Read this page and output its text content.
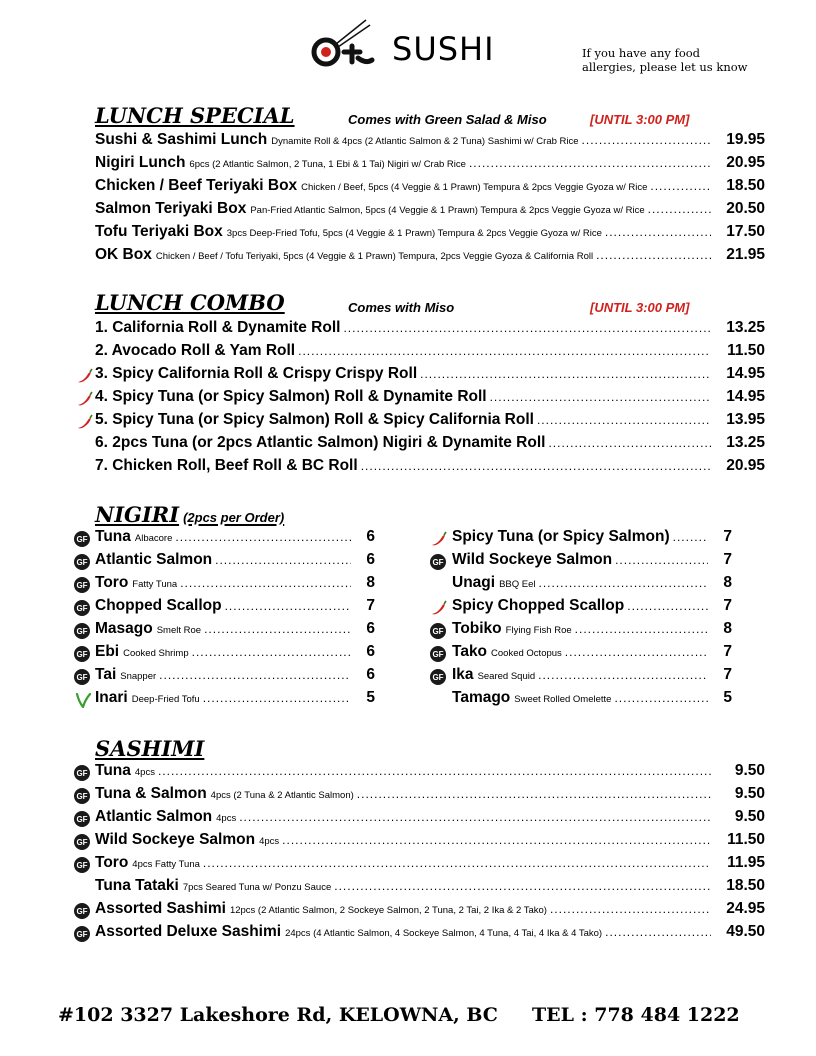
SUSHI	If you have any food
allergies, please let us know
LUNCH SPECIAL	Comes with Green Salad & Miso	[UNTIL 3:00 PM]
Sushi & Sashimi Lunch Dynamite Roll & 4pcs (2 Atlantic Salmon & 2 Tuna) Sashimi w/ Crab Rice .....	19.95
Nigiri Lunch 6pcs (2 Atlantic Salmon, 2 Tuna, 1 Ebi & 1 Tai) Nigiri w/ Crab Rice .....	20.95
Chicken / Beef Teriyaki Box Chicken / Beef, 5pcs (4 Veggie & 1 Prawn) Tempura & 2pcs Veggie Gyoza w/ Rice .....	18.50
Salmon Teriyaki Box Pan-Fried Atlantic Salmon, 5pcs (4 Veggie & 1 Prawn) Tempura & 2pcs Veggie Gyoza w/ Rice .....	20.50
Tofu Teriyaki Box 3pcs Deep-Fried Tofu, 5pcs (4 Veggie & 1 Prawn) Tempura & 2pcs Veggie Gyoza w/ Rice .....	17.50
OK Box Chicken / Beef / Tofu Teriyaki, 5pcs (4 Veggie & 1 Prawn) Tempura, 2pcs Veggie Gyoza & California Roll .....	21.95
LUNCH COMBO	Comes with Miso	[UNTIL 3:00 PM]
1. California Roll & Dynamite Roll .....	13.25
2. Avocado Roll & Yam Roll .....	11.50
3. Spicy California Roll & Crispy Crispy Roll .....	14.95
4. Spicy Tuna (or Spicy Salmon) Roll & Dynamite Roll .....	14.95
5. Spicy Tuna (or Spicy Salmon) Roll & Spicy California Roll .....	13.95
6. 2pcs Tuna (or 2pcs Atlantic Salmon) Nigiri & Dynamite Roll .....	13.25
7. Chicken Roll, Beef Roll & BC Roll .....	20.95
NIGIRI (2pcs per Order)
Tuna Albacore .....	6
GF
Atlantic Salmon .....	6
GF
Toro Fatty Tuna .....	8
GF
Chopped Scallop .....	7
GF
Masago Smelt Roe .....	6
GF
Ebi Cooked Shrimp .....	6
GF
Tai Snapper .....	6
GF
Inari Deep-Fried Tofu .....	5
Spicy Tuna (or Spicy Salmon) .....	7
Wild Sockeye Salmon .....	7
GF
Unagi BBQ Eel .....	8
Spicy Chopped Scallop .....	7
Tobiko Flying Fish Roe .....	8
GF
Tako Cooked Octopus .....	7
GF
Ika Seared Squid .....	7
GF
Tamago Sweet Rolled Omelette .....	5
SASHIMI
Tuna 4pcs .....	9.50
GF
Tuna & Salmon 4pcs (2 Tuna & 2 Atlantic Salmon) .....	9.50
GF
Atlantic Salmon 4pcs .....	9.50
GF
Wild Sockeye Salmon 4pcs .....	11.50
GF
Toro 4pcs Fatty Tuna .....	11.95
GF
Tuna Tataki 7pcs Seared Tuna w/ Ponzu Sauce .....	18.50
Assorted Sashimi 12pcs (2 Atlantic Salmon, 2 Sockeye Salmon, 2 Tuna, 2 Tai, 2 Ika & 2 Tako) .....	24.95
GF
Assorted Deluxe Sashimi 24pcs (4 Atlantic Salmon, 4 Sockeye Salmon, 4 Tuna, 4 Tai, 4 Ika & 4 Tako) .....	49.50
GF
#102 3327 Lakeshore Rd, KELOWNA, BC TEL : 778 484 1222
